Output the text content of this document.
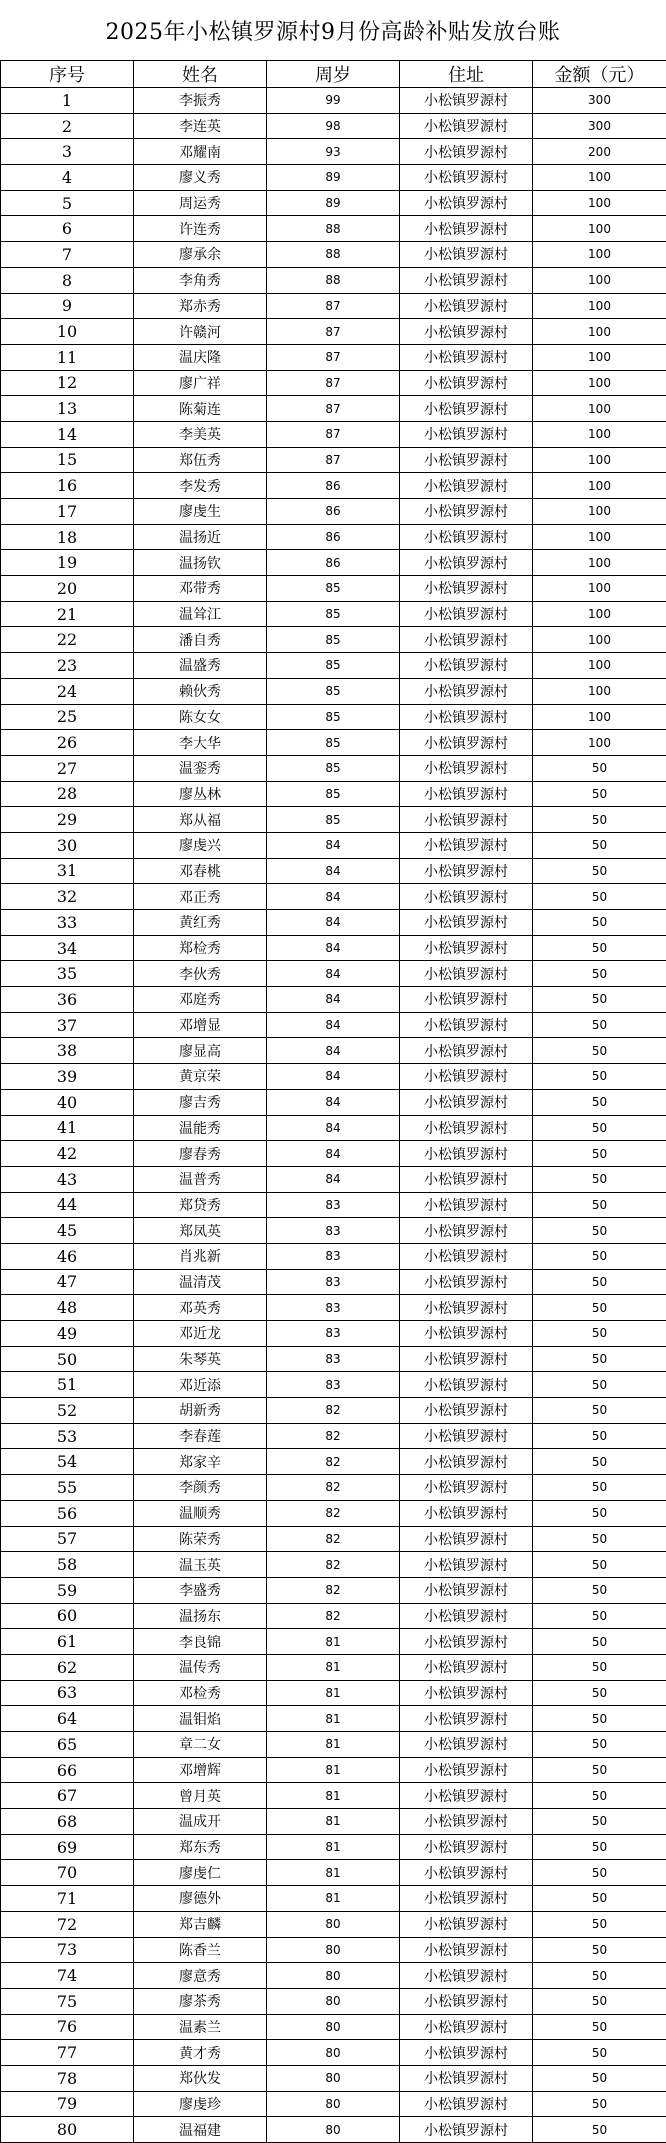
2025年小松镇罗源村9月份高龄补贴发放台账
序号	姓名	周岁	住址	金额（元）
1	李振秀	99	小松镇罗源村	300
2	李连英	98	小松镇罗源村	300
3	邓耀南	93	小松镇罗源村	200
4	廖义秀	89	小松镇罗源村	100
5	周运秀	89	小松镇罗源村	100
6	许连秀	88	小松镇罗源村	100
7	廖承余	88	小松镇罗源村	100
8	李角秀	88	小松镇罗源村	100
9	郑赤秀	87	小松镇罗源村	100
10	许赣河	87	小松镇罗源村	100
11	温庆隆	87	小松镇罗源村	100
12	廖广祥	87	小松镇罗源村	100
13	陈菊连	87	小松镇罗源村	100
14	李美英	87	小松镇罗源村	100
15	郑伍秀	87	小松镇罗源村	100
16	李发秀	86	小松镇罗源村	100
17	廖虔生	86	小松镇罗源村	100
18	温扬近	86	小松镇罗源村	100
19	温扬钦	86	小松镇罗源村	100
20	邓带秀	85	小松镇罗源村	100
21	温耸江	85	小松镇罗源村	100
22	潘自秀	85	小松镇罗源村	100
23	温盛秀	85	小松镇罗源村	100
24	赖伙秀	85	小松镇罗源村	100
25	陈女女	85	小松镇罗源村	100
26	李大华	85	小松镇罗源村	100
27	温銮秀	85	小松镇罗源村	50
28	廖丛林	85	小松镇罗源村	50
29	郑从福	85	小松镇罗源村	50
30	廖虔兴	84	小松镇罗源村	50
31	邓春桃	84	小松镇罗源村	50
32	邓正秀	84	小松镇罗源村	50
33	黄红秀	84	小松镇罗源村	50
34	郑检秀	84	小松镇罗源村	50
35	李伙秀	84	小松镇罗源村	50
36	邓庭秀	84	小松镇罗源村	50
37	邓增显	84	小松镇罗源村	50
38	廖显高	84	小松镇罗源村	50
39	黄京荣	84	小松镇罗源村	50
40	廖吉秀	84	小松镇罗源村	50
41	温能秀	84	小松镇罗源村	50
42	廖春秀	84	小松镇罗源村	50
43	温普秀	84	小松镇罗源村	50
44	郑贷秀	83	小松镇罗源村	50
45	郑凤英	83	小松镇罗源村	50
46	肖兆新	83	小松镇罗源村	50
47	温清茂	83	小松镇罗源村	50
48	邓英秀	83	小松镇罗源村	50
49	邓近龙	83	小松镇罗源村	50
50	朱琴英	83	小松镇罗源村	50
51	邓近添	83	小松镇罗源村	50
52	胡新秀	82	小松镇罗源村	50
53	李春莲	82	小松镇罗源村	50
54	郑家辛	82	小松镇罗源村	50
55	李颜秀	82	小松镇罗源村	50
56	温顺秀	82	小松镇罗源村	50
57	陈荣秀	82	小松镇罗源村	50
58	温玉英	82	小松镇罗源村	50
59	李盛秀	82	小松镇罗源村	50
60	温扬东	82	小松镇罗源村	50
61	李良锦	81	小松镇罗源村	50
62	温传秀	81	小松镇罗源村	50
63	邓检秀	81	小松镇罗源村	50
64	温钼焰	81	小松镇罗源村	50
65	章二女	81	小松镇罗源村	50
66	邓增辉	81	小松镇罗源村	50
67	曾月英	81	小松镇罗源村	50
68	温成开	81	小松镇罗源村	50
69	郑东秀	81	小松镇罗源村	50
70	廖虔仁	81	小松镇罗源村	50
71	廖德外	81	小松镇罗源村	50
72	郑吉麟	80	小松镇罗源村	50
73	陈香兰	80	小松镇罗源村	50
74	廖意秀	80	小松镇罗源村	50
75	廖茶秀	80	小松镇罗源村	50
76	温素兰	80	小松镇罗源村	50
77	黄才秀	80	小松镇罗源村	50
78	郑伙发	80	小松镇罗源村	50
79	廖虔珍	80	小松镇罗源村	50
80	温福建	80	小松镇罗源村	50
